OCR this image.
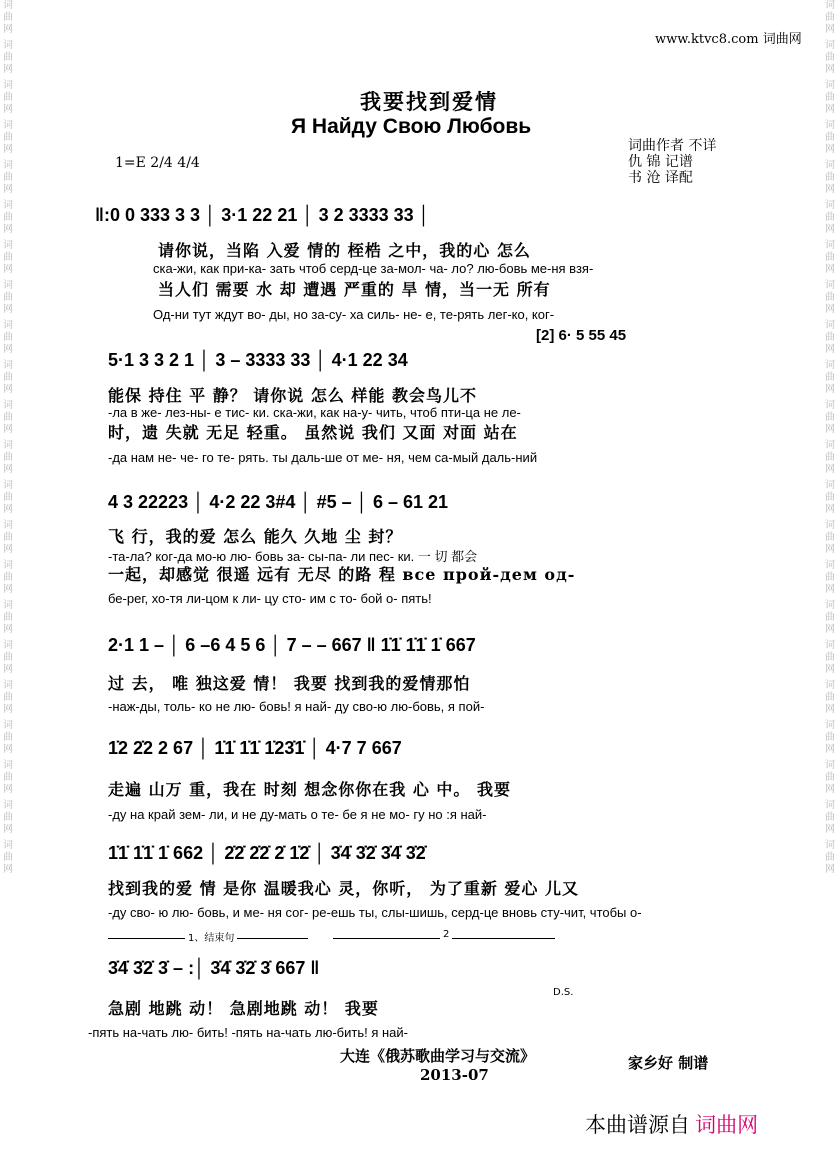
词曲网
词曲网
词曲网
词曲网
词曲网
词曲网
词曲网
词曲网
词曲网
词曲网
词曲网
词曲网
词曲网
词曲网
词曲网
词曲网
词曲网
词曲网
词曲网
词曲网
词曲网
词曲网
词曲网
词曲网
词曲网
词曲网
词曲网
词曲网
词曲网
词曲网
词曲网
词曲网
词曲网
词曲网
词曲网
词曲网
词曲网
词曲网
词曲网
词曲网
词曲网
词曲网
词曲网
词曲网
www.ktvc8.com 词曲网
我要找到爱情
Я Найду Свою Любовь
词曲作者 不详
仇 锦 记谱
书 沧 译配
1=E 2/4 4/4
‖:0 0 333 3 3 │ 3·1 22 21 │ 3 2 3333 33 │
请你说，当陷 入爱 情的 桎梏 之中，我的心 怎么
ска-жи, как при-ка- зать чтоб серд-це за-мол- ча- ло? лю-бовь ме-ня взя-
当人们 需要 水 却 遭遇 严重的 旱 情，当一无 所有
Од-ни тут ждут во- ды, но за-су- ха силь- не- е, те-рять лег-ко, ког-
[2] 6· 5 55 45
5·1 3 3 2 1 │ 3 – 3333 33 │ 4·1 22 34
能保 持住 平 静？ 请你说 怎么 样能 教会鸟儿不
-ла в же- лез-ны- е тис- ки. ска-жи, как на-у- чить, чтоб пти-ца не ле-
时，遗 失就 无足 轻重。 虽然说 我们 又面 对面 站在
-да нам не- че- го те- рять. ты даль-ше от ме- ня, чем са-мый даль-ний
4 3 22223 │ 4·2 22 3#4 │ #5 – │ 6 – 61 21
飞 行，我的爱 怎么 能久 久地 尘 封？
-та-ла? ког-да мо-ю лю- бовь за- сы-па- ли пес- ки. 一 切 都会
一起，却感觉 很遥 远有 无尽 的路 程 все прой-дем од-
бе-рег, хо-тя ли-цом к ли- цу сто- им с то- бой о- пять!
2·1 1 – │ 6 –6 4 5 6 │ 7 – – 667 ‖ 1̇1̇ 1̇1̇ 1̇ 667
过 去， 唯 独这爱 情！ 我要 找到我的爱情那怕
-наж-ды, толь- ко не лю- бовь! я най- ду сво-ю лю-бовь, я пой-
1̇2 2̇2 2 67 │ 1̇1̇ 1̇1̇ 1̇23̇1̇ │ 4·7 7 667
走遍 山万 重，我在 时刻 想念你你在我 心 中。 我要
-ду на край зем- ли, и не ду-мать о те- бе я не мо- гу но :я най-
1̇1̇ 1̇1̇ 1̇ 662 │ 2̇2̇ 2̇2̇ 2̇ 1̇2̇ │ 3̇4̇ 3̇2̇ 3̇4̇ 3̇2̇
找到我的爱 情 是你 温暖我心 灵，你听， 为了重新 爱心 儿又
-ду сво- ю лю- бовь, и ме- ня сог- ре-ешь ты, слы-шишь, серд-це вновь сту-чит, чтобы о-
1、结束句	2
3̇4̇ 3̇2̇ 3̇ – :│ 3̇4̇ 3̇2̇ 3̇ 667 ‖
D.S.
急剧 地跳 动！ 急剧地跳 动！ 我要
-пять на-чать лю- бить! -пять на-чать лю-бить! я най-
大连《俄苏歌曲学习与交流》
2013-07
家乡好 制谱
本曲谱源自 词曲网
